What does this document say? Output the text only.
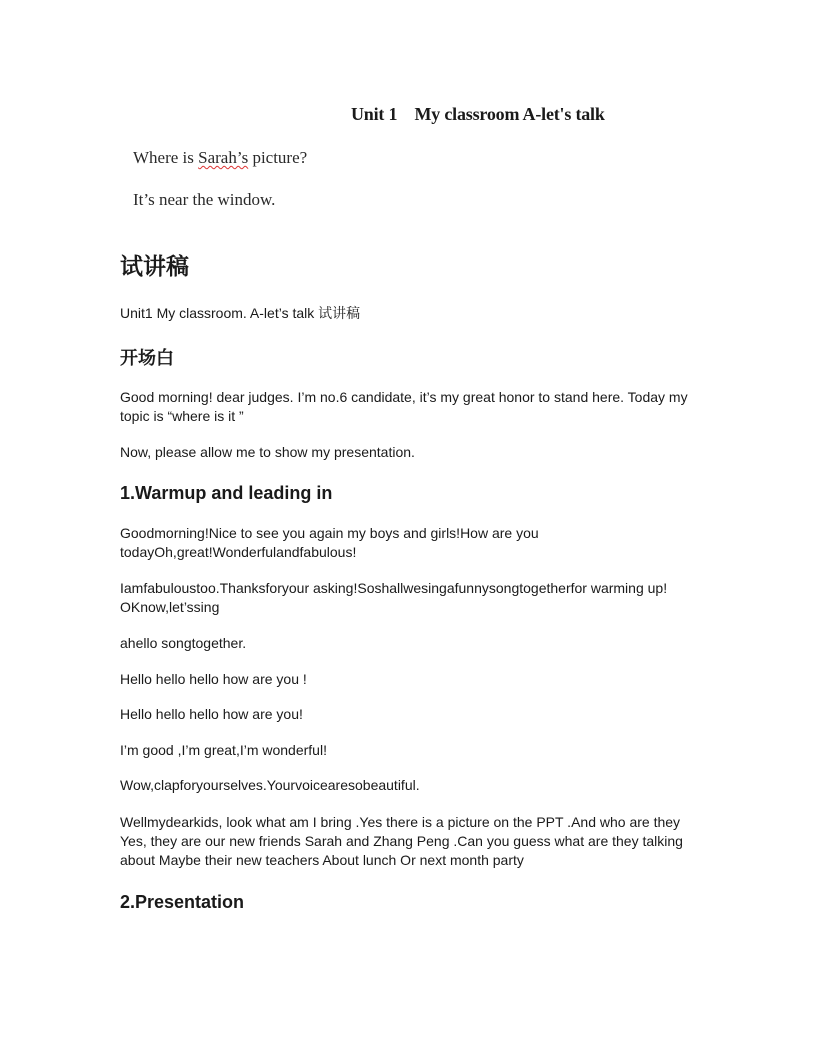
Unit 1    My classroom A-let's talk
Where is Sarah’s picture?
It’s near the window.
试讲稿
Unit1 My classroom. A-let’s talk 试讲稿
开场白
Good morning! dear judges. I’m no.6 candidate, it’s my great honor to stand here. Today my topic is “where is it ”
Now, please allow me to show my presentation.
1.Warmup and leading in
Goodmorning!Nice to see you again my boys and girls!How are you todayOh,great!Wonderfulandfabulous!
Iamfabuloustoo.Thanksforyour asking!Soshallwesingafunnysongtogetherfor warming up! OKnow,let’ssing
ahello songtogether.
Hello hello hello how are you !
Hello hello hello how are you!
I’m good ,I’m great,I’m wonderful!
Wow,clapforyourselves.Yourvoicearesobeautiful.
Wellmydearkids, look what am I bring .Yes there is a picture on the PPT .And who are they Yes, they are our new friends Sarah and Zhang Peng .Can you guess what are they talking about Maybe their new teachers About lunch Or next month party
2.Presentation
